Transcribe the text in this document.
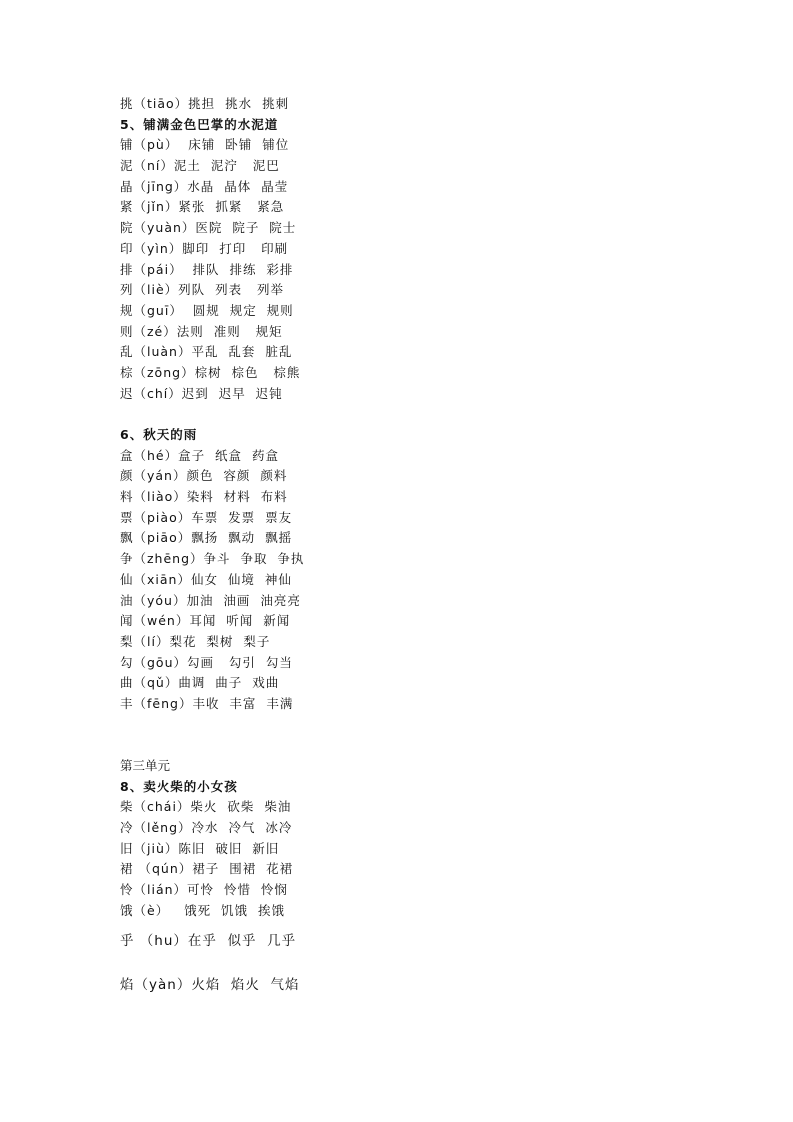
挑（tiāo）挑担  挑水  挑刺
5、铺满金色巴掌的水泥道
铺（pù）  床铺  卧铺  铺位
泥（ní）泥土  泥泞   泥巴
晶（jīng）水晶  晶体  晶莹
紧（jǐn）紧张  抓紧   紧急
院（yuàn）医院  院子  院士
印（yìn）脚印  打印   印刷
排（pái）  排队  排练  彩排
列（liè）列队  列表   列举
规（guī）  圆规  规定  规则
则（zé）法则  准则   规矩
乱（luàn）平乱  乱套  脏乱
棕（zōng）棕树  棕色   棕熊
迟（chí）迟到  迟早  迟钝
6、秋天的雨
盒（hé）盒子  纸盒  药盒
颜（yán）颜色  容颜  颜料
料（liào）染料  材料  布料
票（piào）车票  发票  票友
飘（piāo）飘扬  飘动  飘摇
争（zhēng）争斗  争取  争执
仙（xiān）仙女  仙境  神仙
油（yóu）加油  油画  油亮亮
闻（wén）耳闻  听闻  新闻
梨（lí）梨花  梨树  梨子
勾（gōu）勾画   勾引  勾当
曲（qǔ）曲调  曲子  戏曲
丰（fēng）丰收  丰富  丰满
第三单元
8、卖火柴的小女孩
柴（chái）柴火  砍柴  柴油
冷（lěng）冷水  冷气  冰冷
旧（jiù）陈旧  破旧  新旧
裙 （qún）裙子  围裙  花裙
怜（lián）可怜  怜惜  怜悯
饿（è）   饿死  饥饿  挨饿
乎 （hu）在乎  似乎  几乎
焰（yàn）火焰  焰火  气焰
